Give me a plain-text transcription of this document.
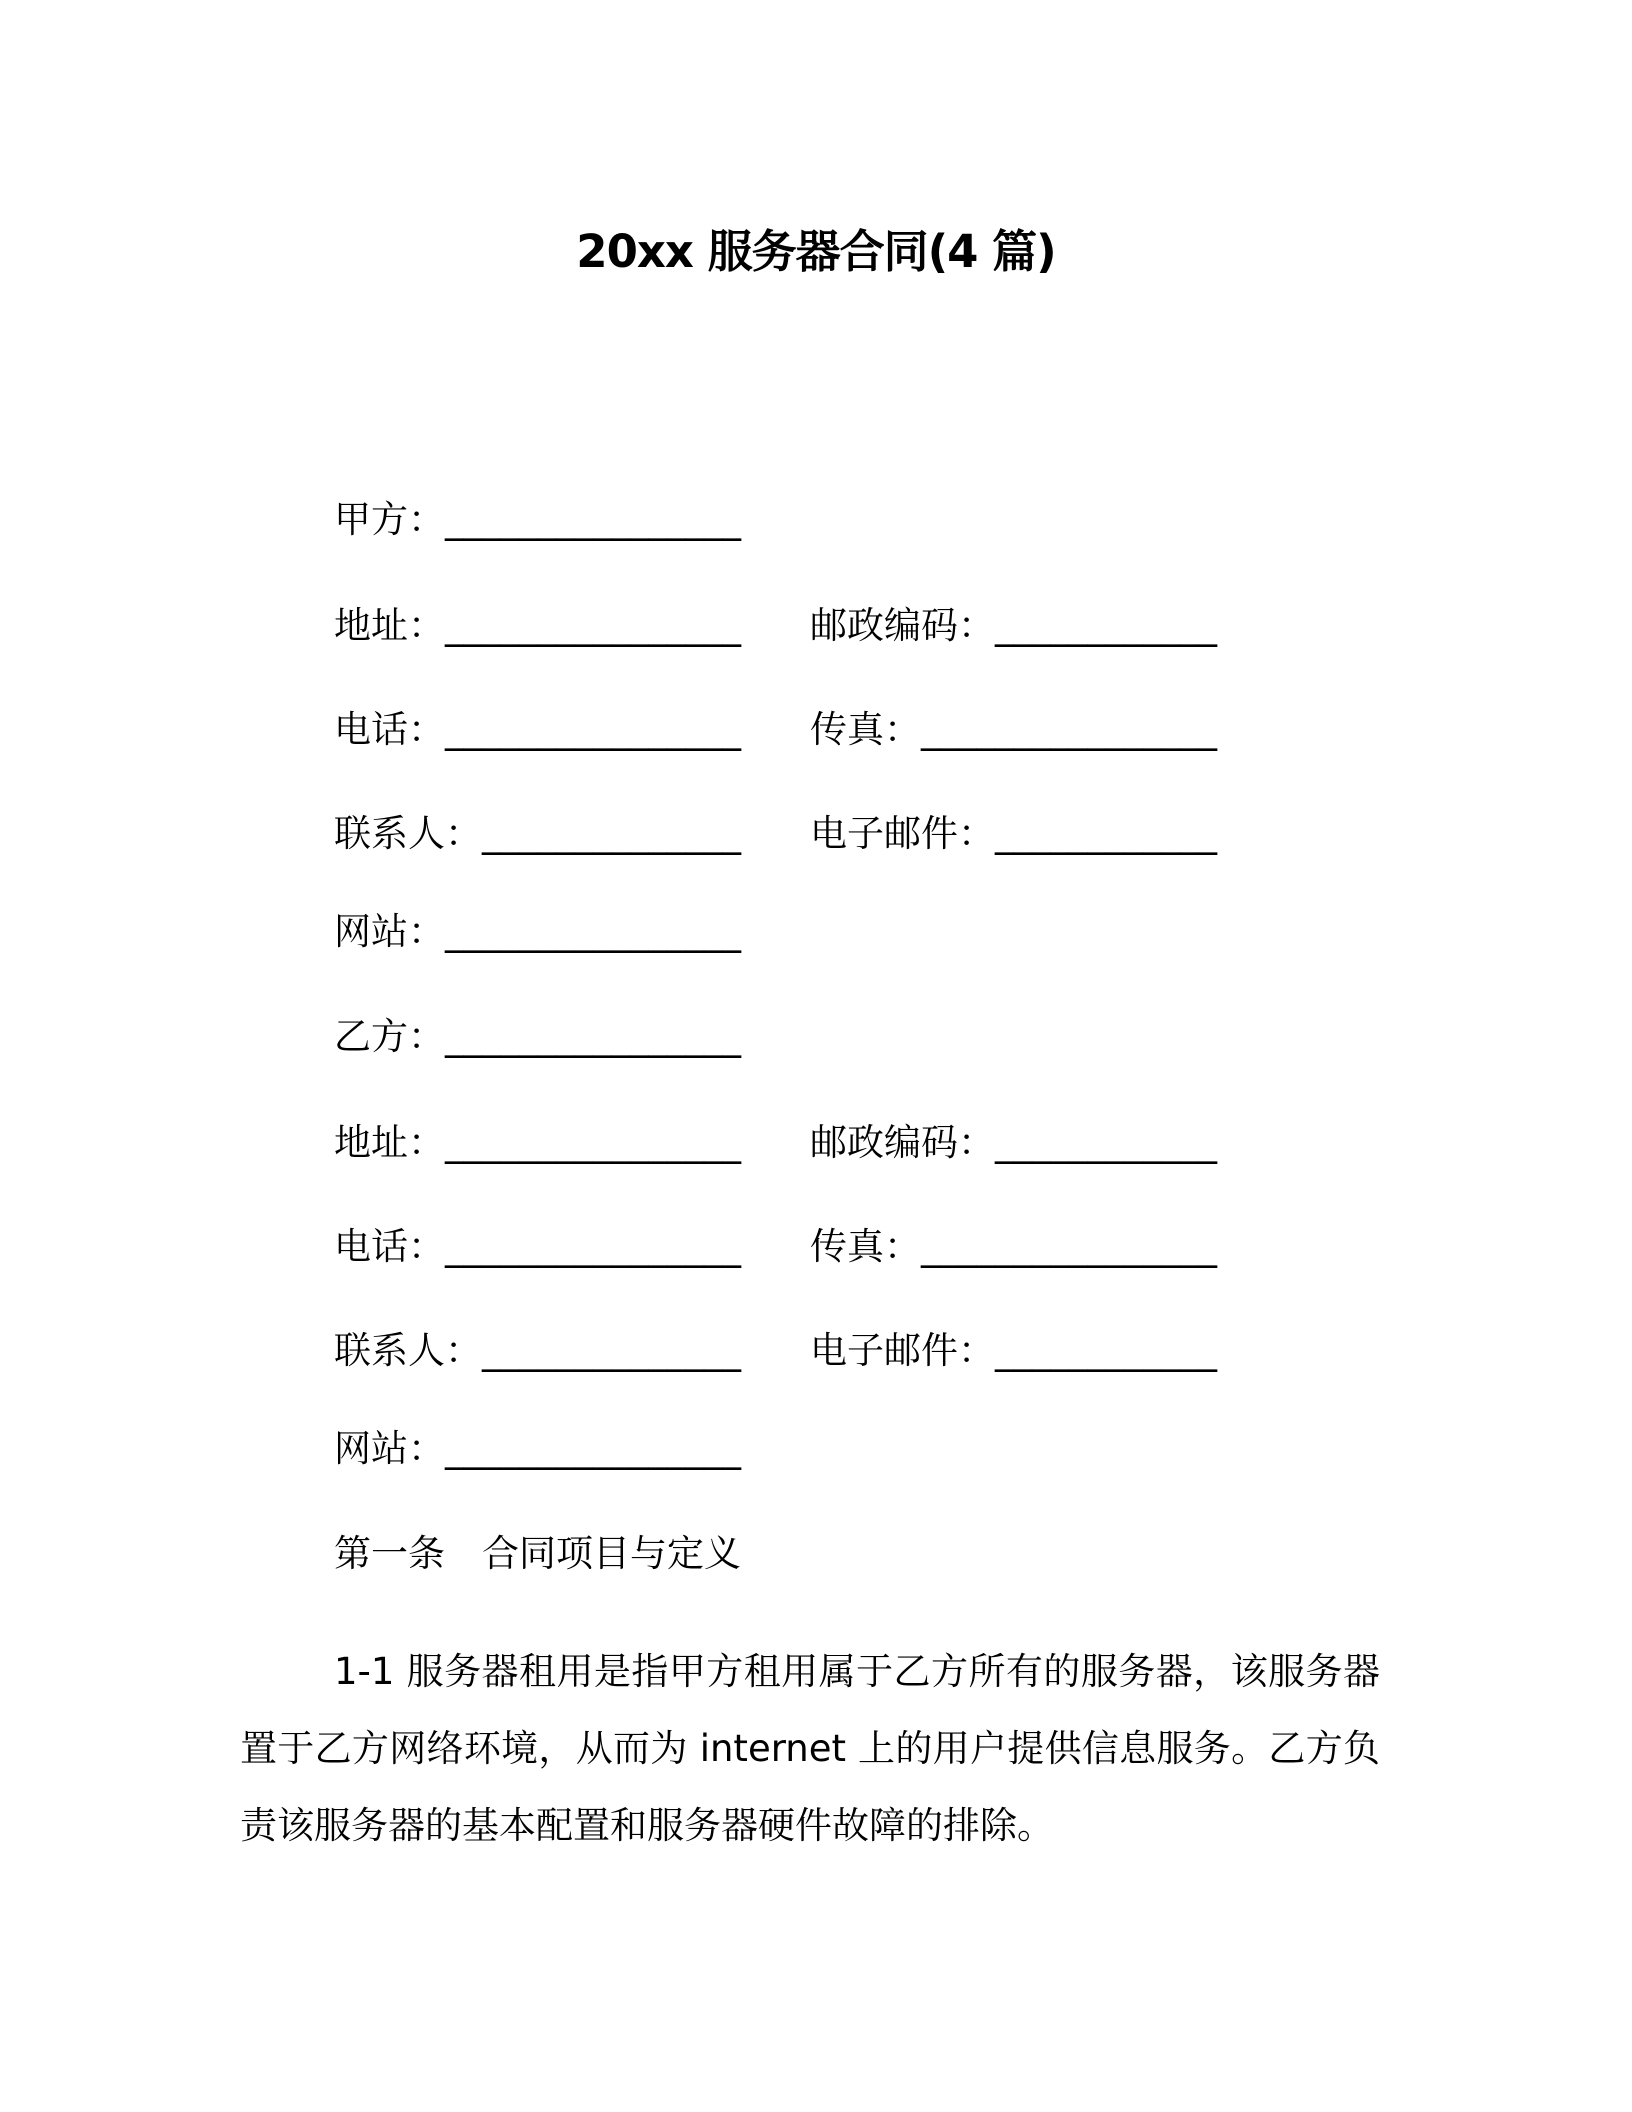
20xx 服务器合同(4 篇)
甲方：________________
地址：________________ 邮政编码：____________
电话：________________ 传真：________________
联系人：______________ 电子邮件：____________
网站：________________
乙方：________________
地址：________________ 邮政编码：____________
电话：________________ 传真：________________
联系人：______________ 电子邮件：____________
网站：________________
第一条　合同项目与定义
1-1 服务器租用是指甲方租用属于乙方所有的服务器，该服务器置于乙方网络环境，从而为 internet 上的用户提供信息服务。乙方负责该服务器的基本配置和服务器硬件故障的排除。
